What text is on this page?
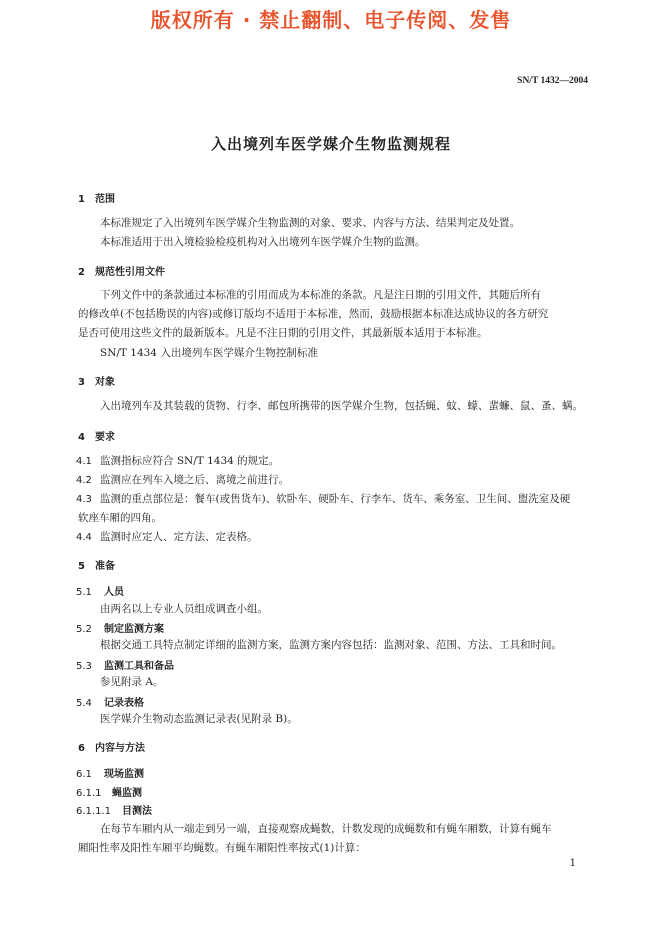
版权所有 · 禁止翻制、电子传阅、发售
SN/T 1432—2004
入出境列车医学媒介生物监测规程
1 范围
本标准规定了入出境列车医学媒介生物监测的对象、要求、内容与方法、结果判定及处置。
本标准适用于出入境检验检疫机构对入出境列车医学媒介生物的监测。
2 规范性引用文件
下列文件中的条款通过本标准的引用而成为本标准的条款。凡是注日期的引用文件，其随后所有
的修改单(不包括勘误的内容)或修订版均不适用于本标准，然而，鼓励根据本标准达成协议的各方研究
是否可使用这些文件的最新版本。凡是不注日期的引用文件，其最新版本适用于本标准。
SN/T 1434 入出境列车医学媒介生物控制标准
3 对象
入出境列车及其装载的货物、行李、邮包所携带的医学媒介生物，包括蝇、蚊、蠓、蜚蠊、鼠、蚤、螨。
4 要求
4.1 监测指标应符合 SN/T 1434 的规定。
4.2 监测应在列车入境之后、离境之前进行。
4.3 监测的重点部位是：餐车(或售货车)、软卧车、硬卧车、行李车、货车、乘务室、卫生间、盥洗室及硬
软座车厢的四角。
4.4 监测时应定人、定方法、定表格。
5 准备
5.1 人员
由两名以上专业人员组成调查小组。
5.2 制定监测方案
根据交通工具特点制定详细的监测方案，监测方案内容包括：监测对象、范围、方法、工具和时间。
5.3 监测工具和备品
参见附录 A。
5.4 记录表格
医学媒介生物动态监测记录表(见附录 B)。
6 内容与方法
6.1 现场监测
6.1.1 蝇监测
6.1.1.1 目测法
在每节车厢内从一端走到另一端，直接观察成蝇数，计数发现的成蝇数和有蝇车厢数，计算有蝇车
厢阳性率及阳性车厢平均蝇数。有蝇车厢阳性率按式(1)计算：
1
